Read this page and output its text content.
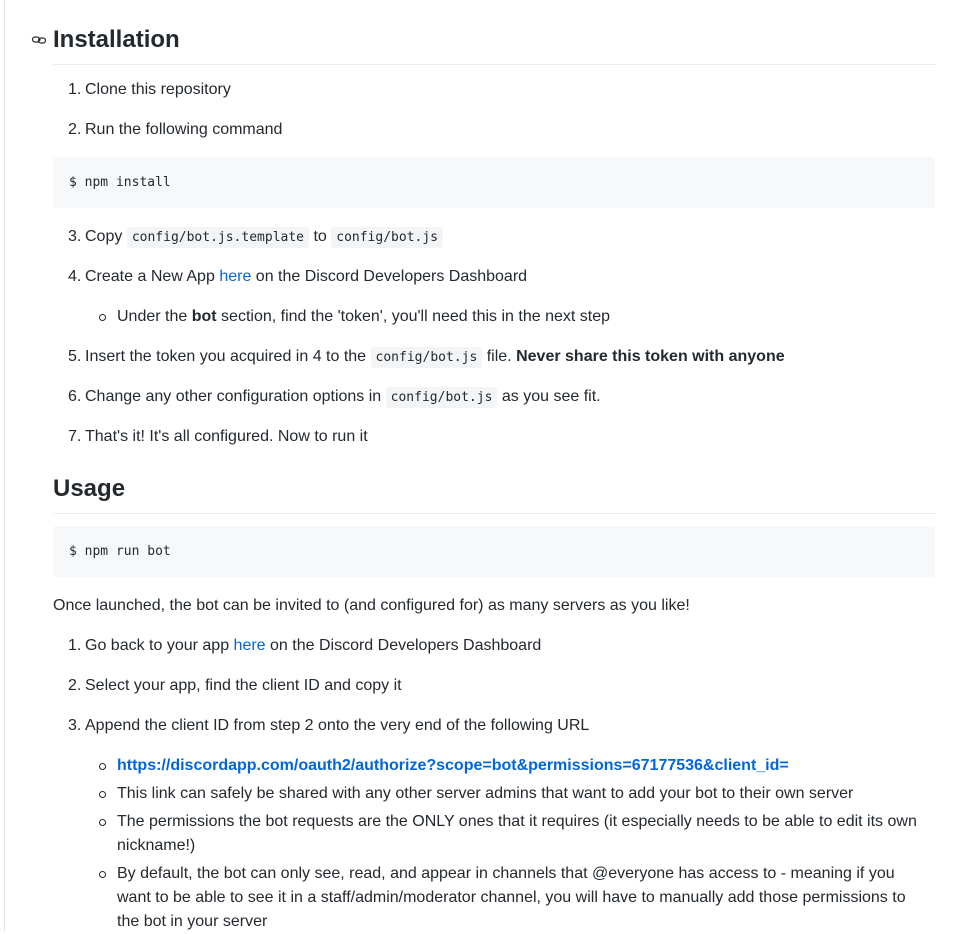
Installation
1. Clone this repository
2. Run the following command
$ npm install
3. Copy config/bot.js.template to config/bot.js
4. Create a New App here on the Discord Developers Dashboard
Under the bot section, find the 'token', you'll need this in the next step
5. Insert the token you acquired in 4 to the config/bot.js file. Never share this token with anyone
6. Change any other configuration options in config/bot.js as you see fit.
7. That's it! It's all configured. Now to run it
Usage
$ npm run bot

Once launched, the bot can be invited to (and configured for) as many servers as you like!

1. Go back to your app here on the Discord Developers Dashboard
2. Select your app, find the client ID and copy it
3. Append the client ID from step 2 onto the very end of the following URL
https://discordapp.com/oauth2/authorize?scope=bot&permissions=67177536&client_id=
This link can safely be shared with any other server admins that want to add your bot to their own server
The permissions the bot requests are the ONLY ones that it requires (it especially needs to be able to edit its own nickname!)
By default, the bot can only see, read, and appear in channels that @everyone has access to - meaning if you want to be able to see it in a staff/admin/moderator channel, you will have to manually add those permissions to the bot in your server
